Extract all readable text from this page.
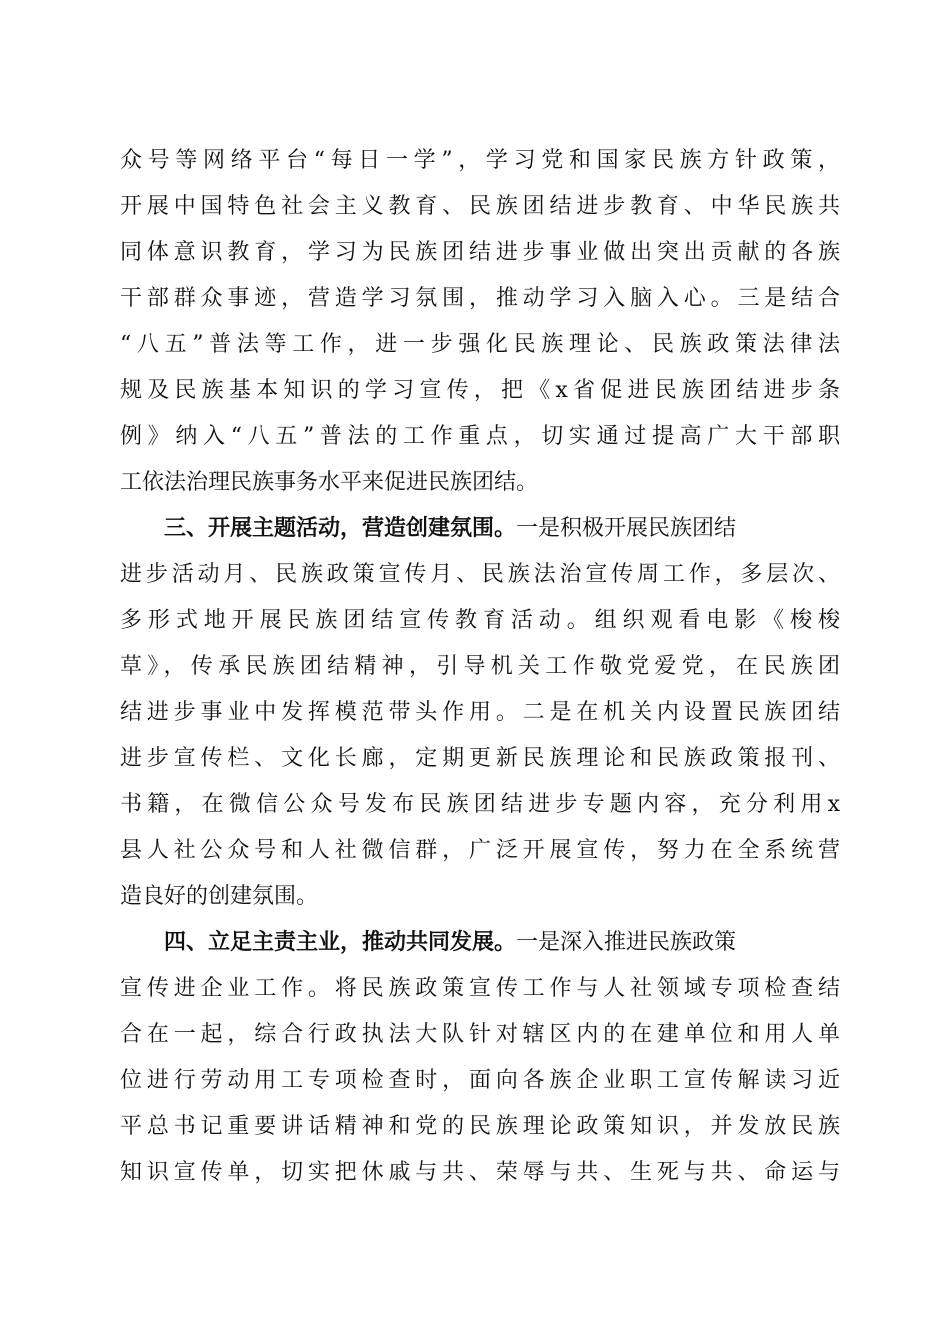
众号等网络平台“每日一学”，学习党和国家民族方针政策，
开展中国特色社会主义教育、民族团结进步教育、中华民族共
同体意识教育，学习为民族团结进步事业做出突出贡献的各族
干部群众事迹，营造学习氛围，推动学习入脑入心。三是结合
“八五”普法等工作，进一步强化民族理论、民族政策法律法
规及民族基本知识的学习宣传，把《x省促进民族团结进步条
例》纳入“八五”普法的工作重点，切实通过提高广大干部职
工依法治理民族事务水平来促进民族团结。
三、开展主题活动，营造创建氛围。一是积极开展民族团结
进步活动月、民族政策宣传月、民族法治宣传周工作，多层次、
多形式地开展民族团结宣传教育活动。组织观看电影《梭梭
草》，传承民族团结精神，引导机关工作敬党爱党，在民族团
结进步事业中发挥模范带头作用。二是在机关内设置民族团结
进步宣传栏、文化长廊，定期更新民族理论和民族政策报刊、
书籍，在微信公众号发布民族团结进步专题内容，充分利用x
县人社公众号和人社微信群，广泛开展宣传，努力在全系统营
造良好的创建氛围。
四、立足主责主业，推动共同发展。一是深入推进民族政策
宣传进企业工作。将民族政策宣传工作与人社领域专项检查结
合在一起，综合行政执法大队针对辖区内的在建单位和用人单
位进行劳动用工专项检查时，面向各族企业职工宣传解读习近
平总书记重要讲话精神和党的民族理论政策知识，并发放民族
知识宣传单，切实把休戚与共、荣辱与共、生死与共、命运与
